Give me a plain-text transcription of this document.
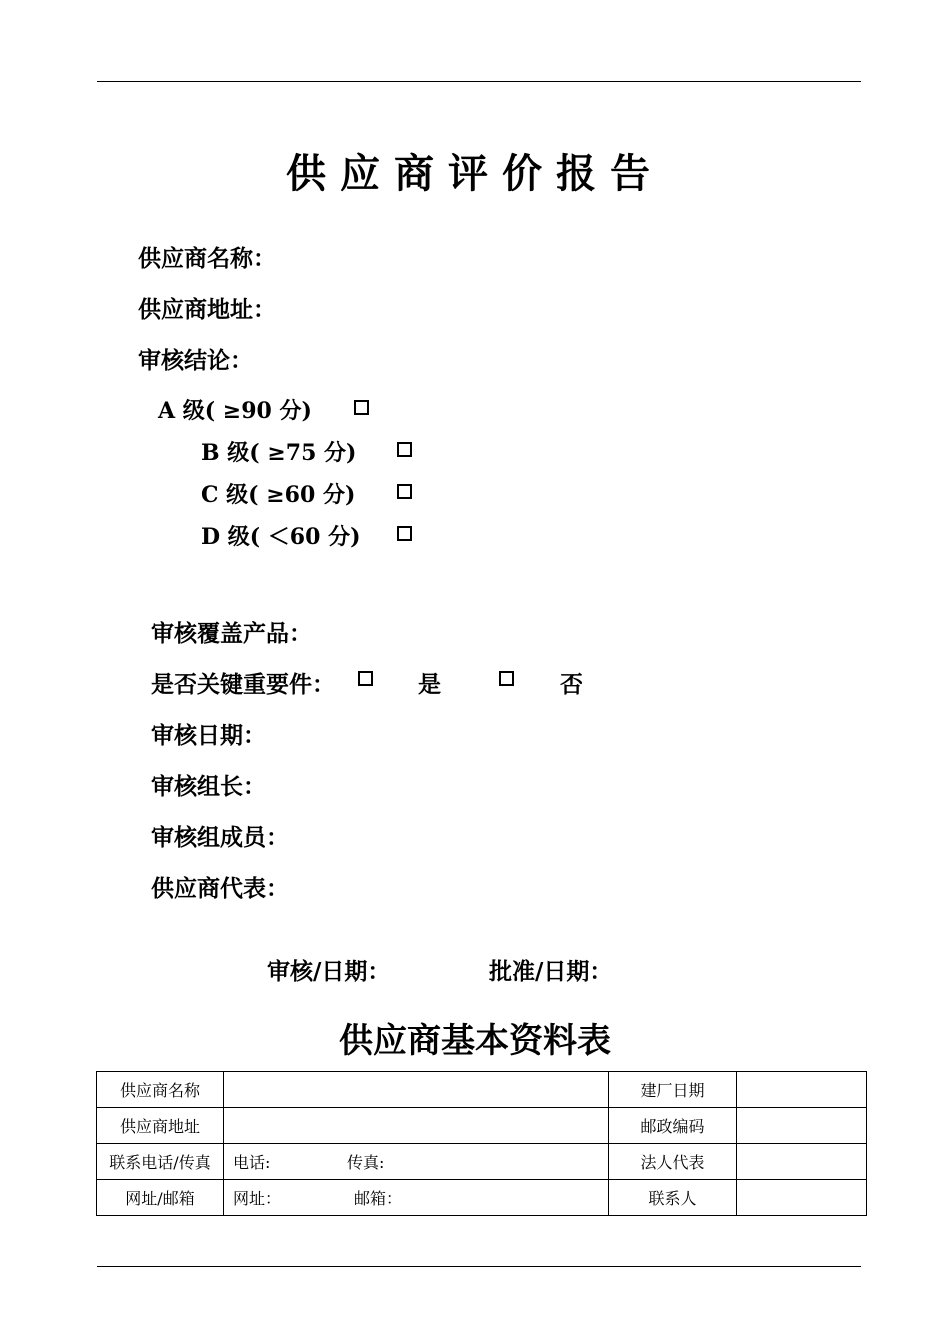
供应商评价报告
供应商名称：
供应商地址：
审核结论：
A 级( ≥90 分)
B 级( ≥75 分)
C 级( ≥60 分)
D 级( ＜60 分)
审核覆盖产品：
是否关键重要件：	是	否
审核日期：
审核组长：
审核组成员：
供应商代表：
审核/日期：	批准/日期：
供应商基本资料表
供应商名称		建厂日期	
供应商地址		邮政编码	
联系电话/传真	电话: 传真:	法人代表	
网址/邮箱	网址： 邮箱：	联系人	
